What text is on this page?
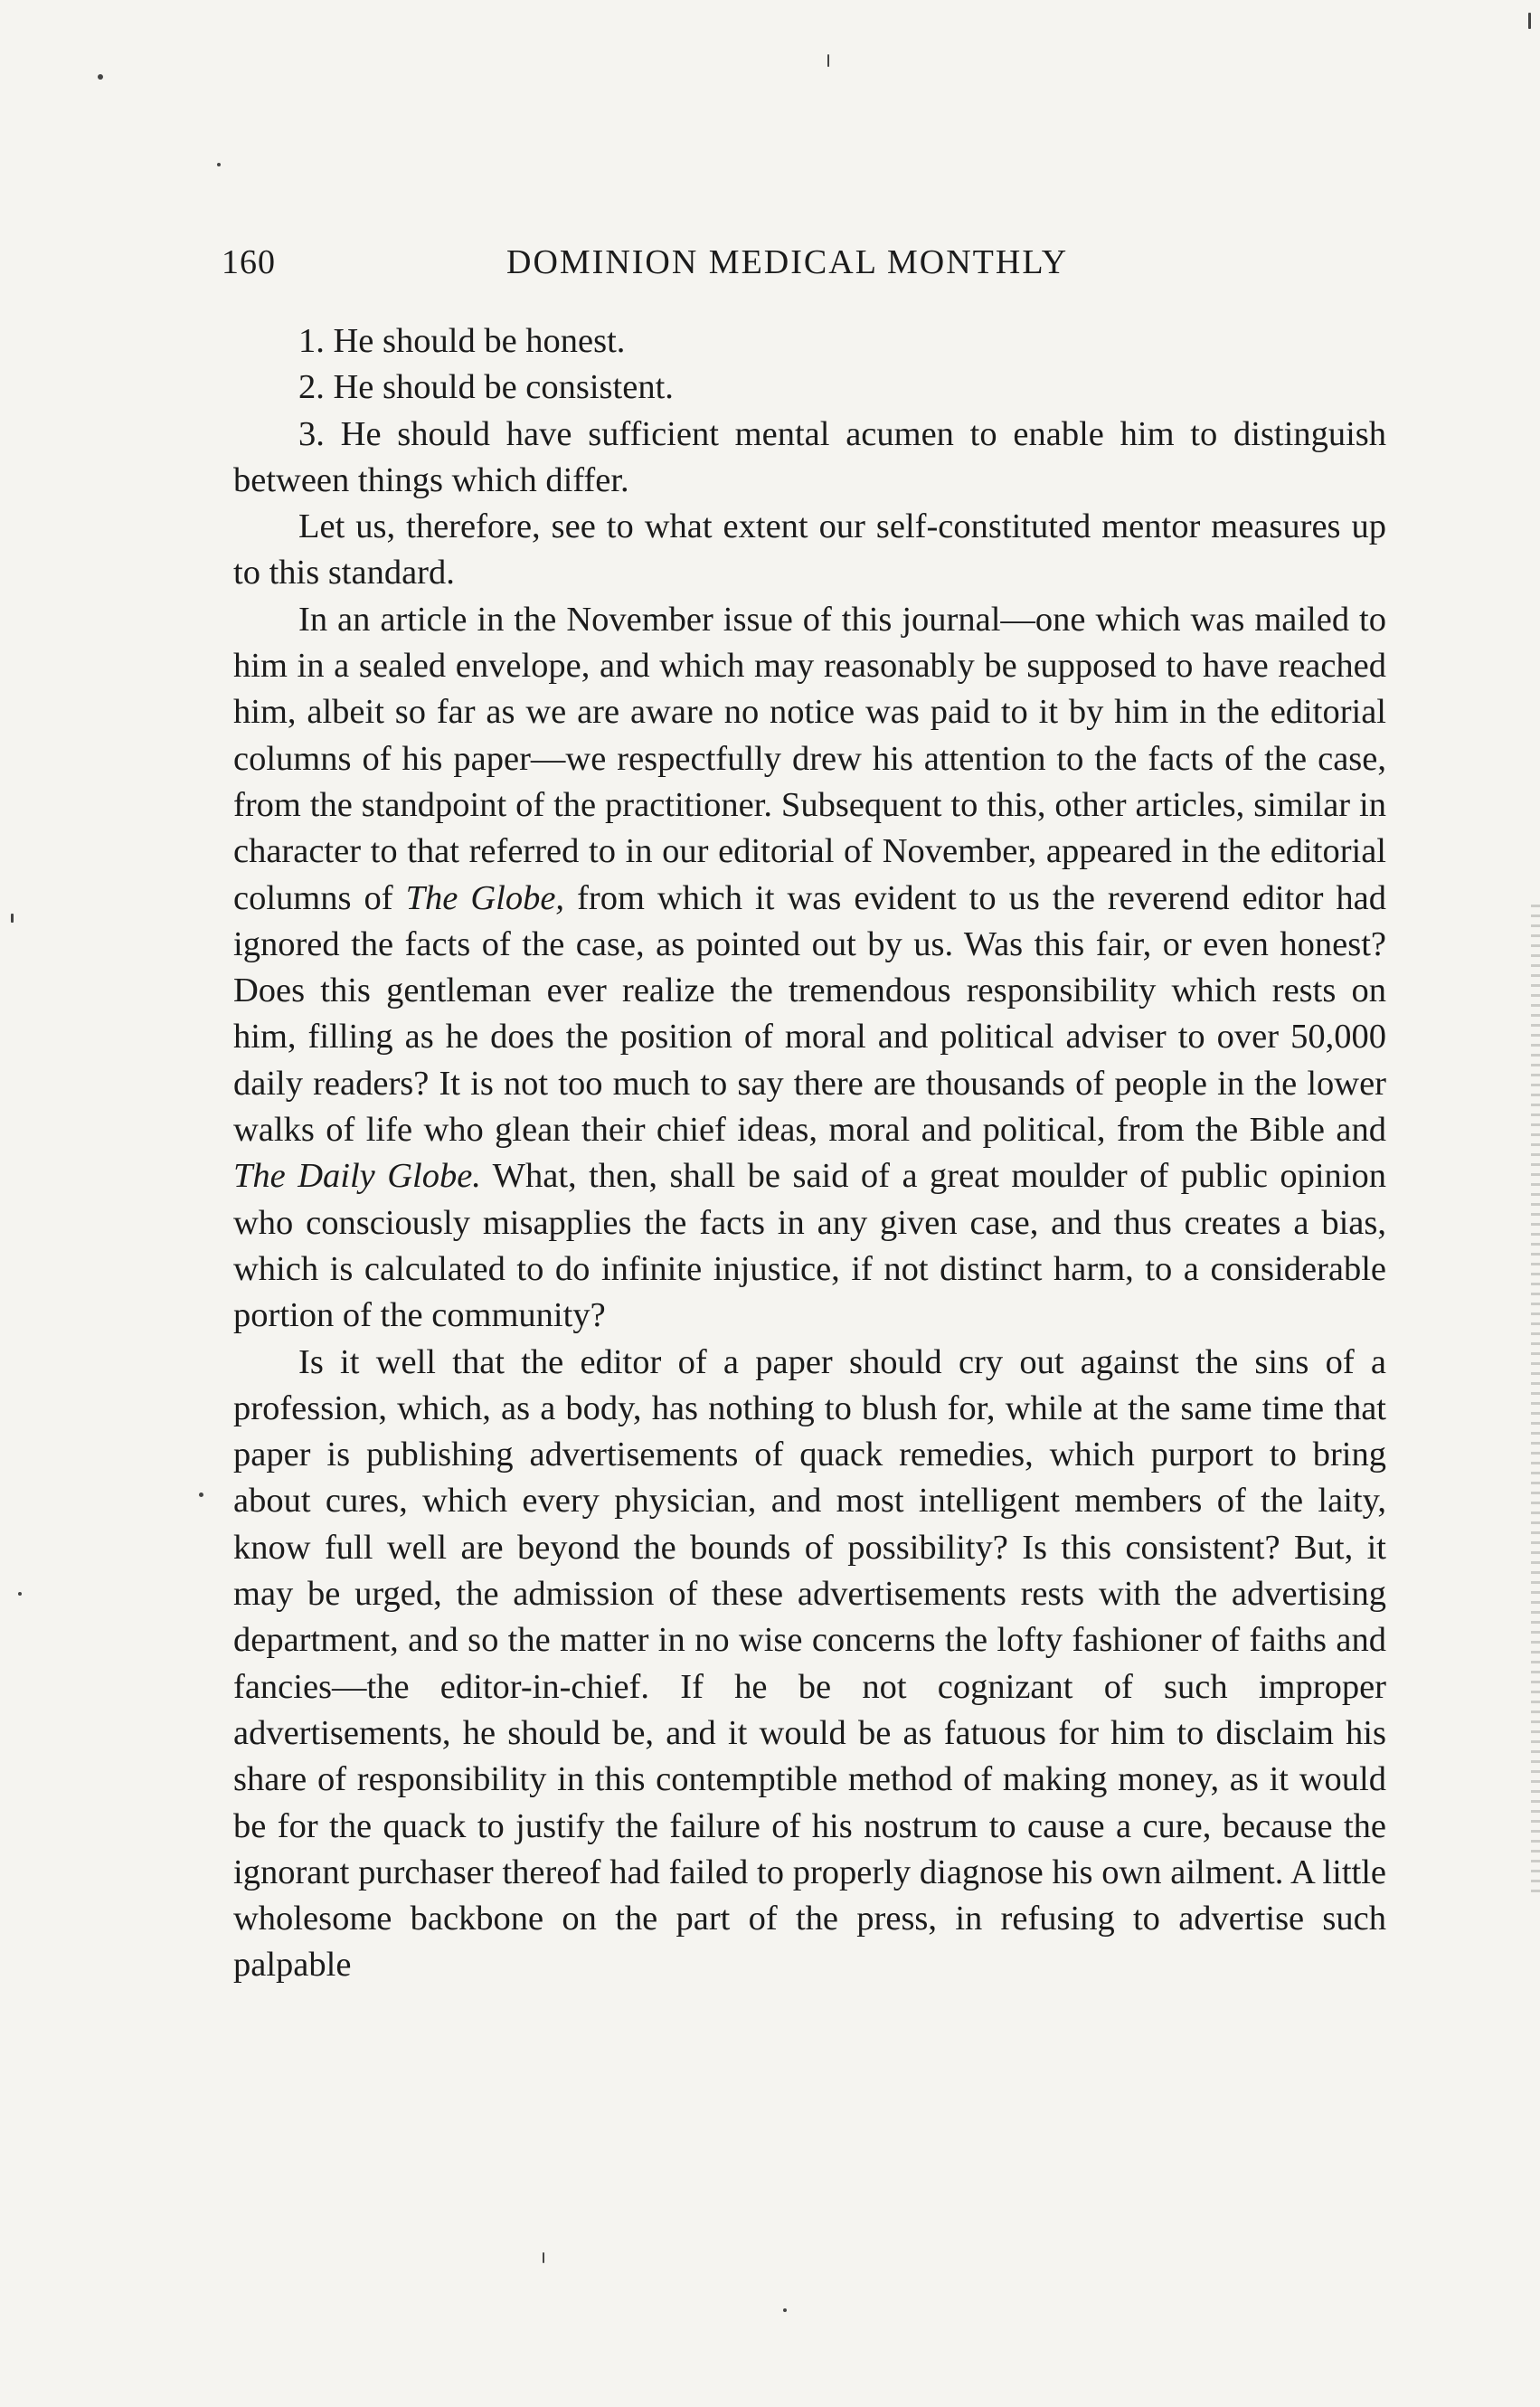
160	DOMINION MEDICAL MONTHLY

1. He should be honest.

2. He should be consistent.

3. He should have sufficient mental acumen to enable him to distinguish between things which differ.

Let us, therefore, see to what extent our self-constituted mentor measures up to this standard.

In an article in the November issue of this journal—one which was mailed to him in a sealed envelope, and which may reasonably be supposed to have reached him, albeit so far as we are aware no notice was paid to it by him in the editorial columns of his paper—we respectfully drew his attention to the facts of the case, from the standpoint of the practitioner. Subsequent to this, other articles, similar in character to that referred to in our editorial of November, appeared in the editorial columns of The Globe, from which it was evident to us the reverend editor had ignored the facts of the case, as pointed out by us. Was this fair, or even honest? Does this gentleman ever realize the tremendous responsibility which rests on him, filling as he does the position of moral and political adviser to over 50,000 daily readers? It is not too much to say there are thousands of people in the lower walks of life who glean their chief ideas, moral and political, from the Bible and The Daily Globe. What, then, shall be said of a great moulder of public opinion who consciously misapplies the facts in any given case, and thus creates a bias, which is calculated to do infinite injustice, if not distinct harm, to a considerable portion of the community?

Is it well that the editor of a paper should cry out against the sins of a profession, which, as a body, has nothing to blush for, while at the same time that paper is publishing advertisements of quack remedies, which purport to bring about cures, which every physician, and most intelligent members of the laity, know full well are beyond the bounds of possibility? Is this consistent? But, it may be urged, the admission of these advertisements rests with the advertising department, and so the matter in no wise concerns the lofty fashioner of faiths and fancies—the editor-in-chief. If he be not cognizant of such improper advertisements, he should be, and it would be as fatuous for him to disclaim his share of responsibility in this contemptible method of making money, as it would be for the quack to justify the failure of his nostrum to cause a cure, because the ignorant purchaser thereof had failed to properly diagnose his own ailment. A little wholesome backbone on the part of the press, in refusing to advertise such palpable
